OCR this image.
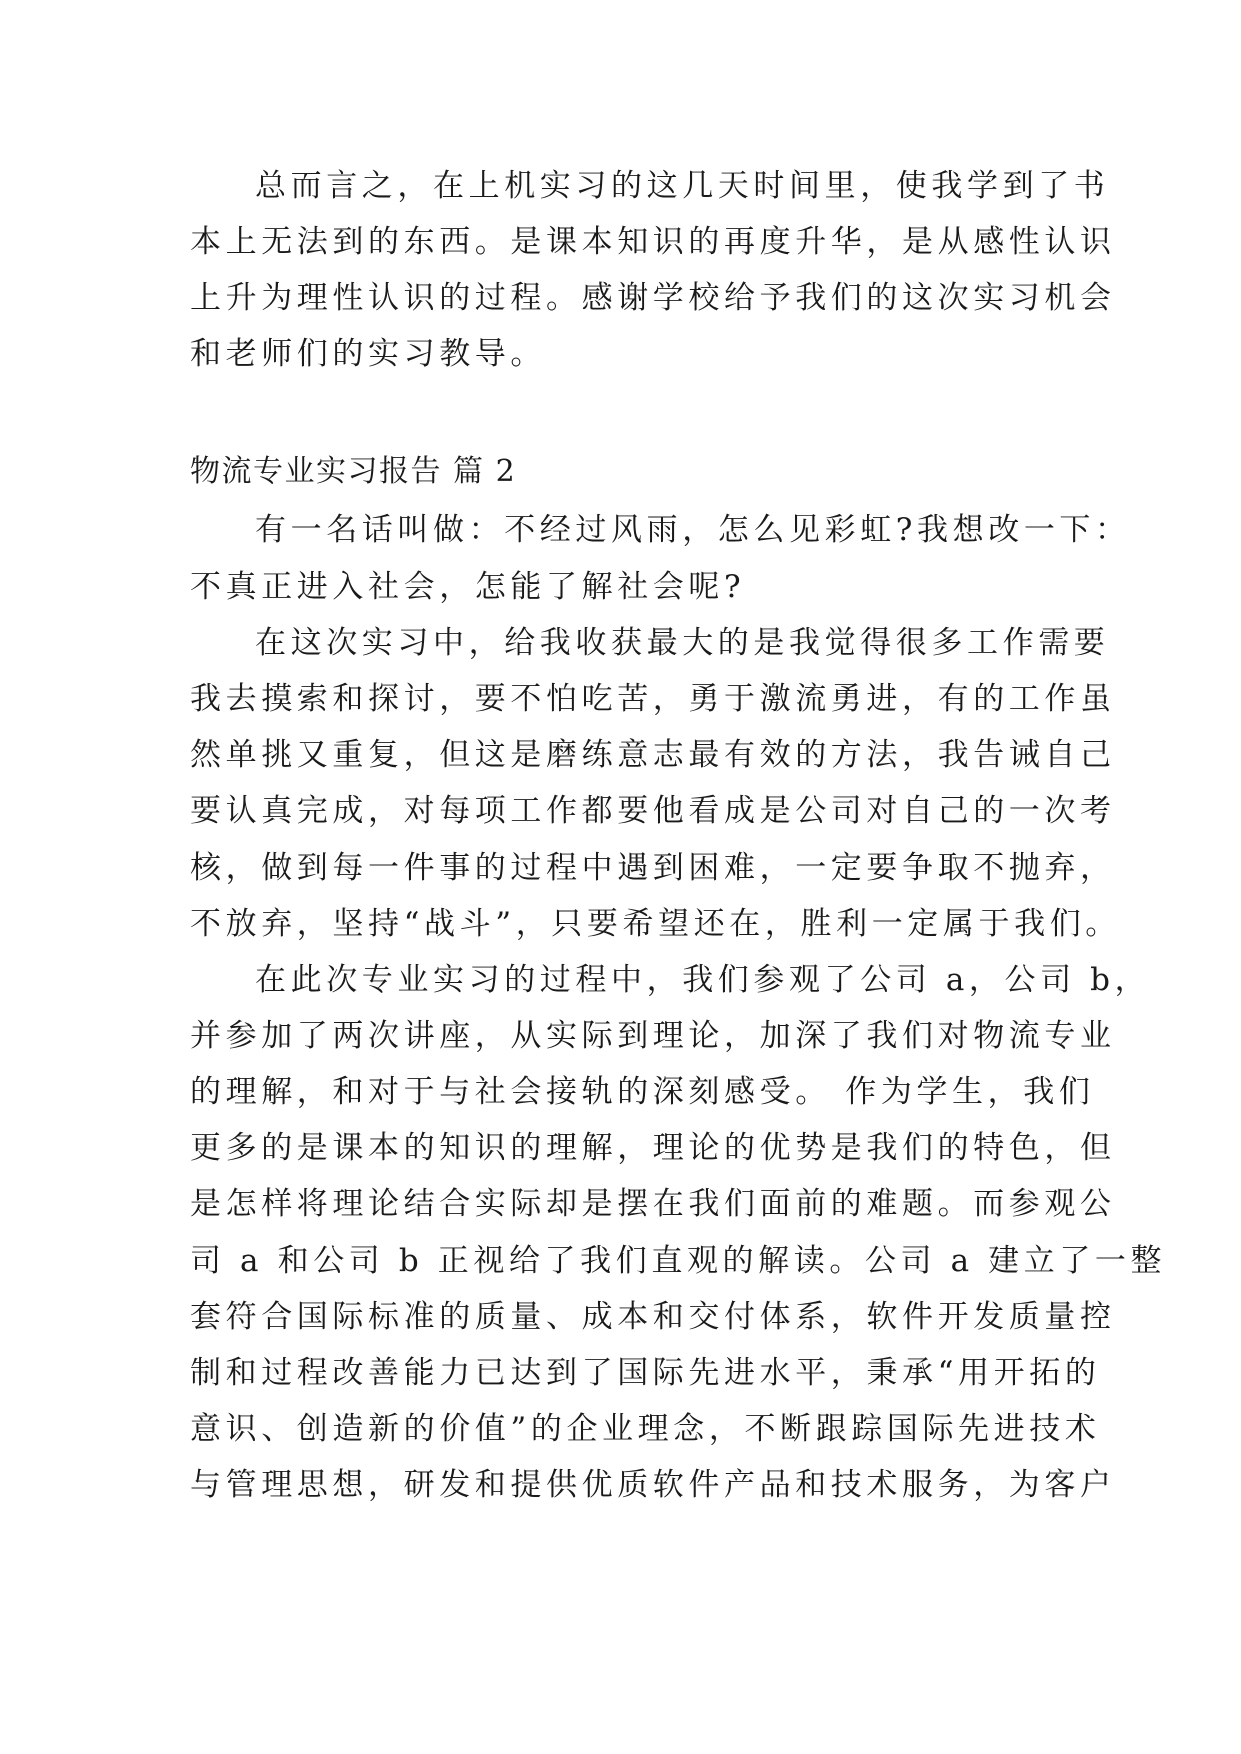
总而言之，在上机实习的这几天时间里，使我学到了书
本上无法到的东西。是课本知识的再度升华，是从感性认识
上升为理性认识的过程。感谢学校给予我们的这次实习机会
和老师们的实习教导。
物流专业实习报告 篇 2
有一名话叫做：不经过风雨，怎么见彩虹?我想改一下：
不真正进入社会，怎能了解社会呢?
在这次实习中，给我收获最大的是我觉得很多工作需要
我去摸索和探讨，要不怕吃苦，勇于激流勇进，有的工作虽
然单挑又重复，但这是磨练意志最有效的方法，我告诫自己
要认真完成，对每项工作都要他看成是公司对自己的一次考
核，做到每一件事的过程中遇到困难，一定要争取不抛弃，
不放弃，坚持“战斗”，只要希望还在，胜利一定属于我们。
在此次专业实习的过程中，我们参观了公司 a，公司 b，
并参加了两次讲座，从实际到理论，加深了我们对物流专业
的理解，和对于与社会接轨的深刻感受。 作为学生，我们
更多的是课本的知识的理解，理论的优势是我们的特色，但
是怎样将理论结合实际却是摆在我们面前的难题。而参观公
司 a 和公司 b 正视给了我们直观的解读。公司 a 建立了一整
套符合国际标准的质量、成本和交付体系，软件开发质量控
制和过程改善能力已达到了国际先进水平，秉承“用开拓的
意识、创造新的价值”的企业理念，不断跟踪国际先进技术
与管理思想，研发和提供优质软件产品和技术服务，为客户
